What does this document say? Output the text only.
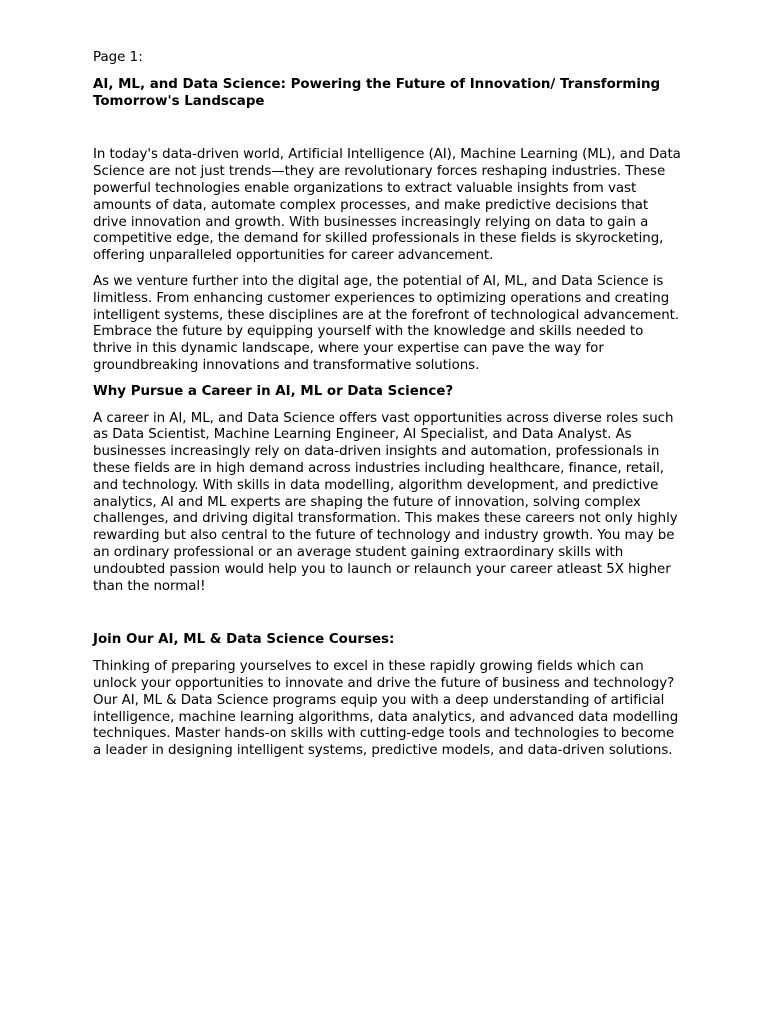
Page 1:
AI, ML, and Data Science: Powering the Future of Innovation/ Transforming Tomorrow's Landscape

In today's data-driven world, Artificial Intelligence (AI), Machine Learning (ML), and Data Science are not just trends—they are revolutionary forces reshaping industries. These powerful technologies enable organizations to extract valuable insights from vast amounts of data, automate complex processes, and make predictive decisions that drive innovation and growth. With businesses increasingly relying on data to gain a competitive edge, the demand for skilled professionals in these fields is skyrocketing, offering unparalleled opportunities for career advancement.

As we venture further into the digital age, the potential of AI, ML, and Data Science is limitless. From enhancing customer experiences to optimizing operations and creating intelligent systems, these disciplines are at the forefront of technological advancement. Embrace the future by equipping yourself with the knowledge and skills needed to thrive in this dynamic landscape, where your expertise can pave the way for groundbreaking innovations and transformative solutions.

Why Pursue a Career in AI, ML or Data Science?

A career in AI, ML, and Data Science offers vast opportunities across diverse roles such as Data Scientist, Machine Learning Engineer, AI Specialist, and Data Analyst. As businesses increasingly rely on data-driven insights and automation, professionals in these fields are in high demand across industries including healthcare, finance, retail, and technology. With skills in data modelling, algorithm development, and predictive analytics, AI and ML experts are shaping the future of innovation, solving complex challenges, and driving digital transformation. This makes these careers not only highly rewarding but also central to the future of technology and industry growth. You may be an ordinary professional or an average student gaining extraordinary skills with undoubted passion would help you to launch or relaunch your career atleast 5X higher than the normal!

Join Our AI, ML & Data Science Courses:

Thinking of preparing yourselves to excel in these rapidly growing fields which can unlock your opportunities to innovate and drive the future of business and technology? Our AI, ML & Data Science programs equip you with a deep understanding of artificial intelligence, machine learning algorithms, data analytics, and advanced data modelling techniques. Master hands-on skills with cutting-edge tools and technologies to become a leader in designing intelligent systems, predictive models, and data-driven solutions.
